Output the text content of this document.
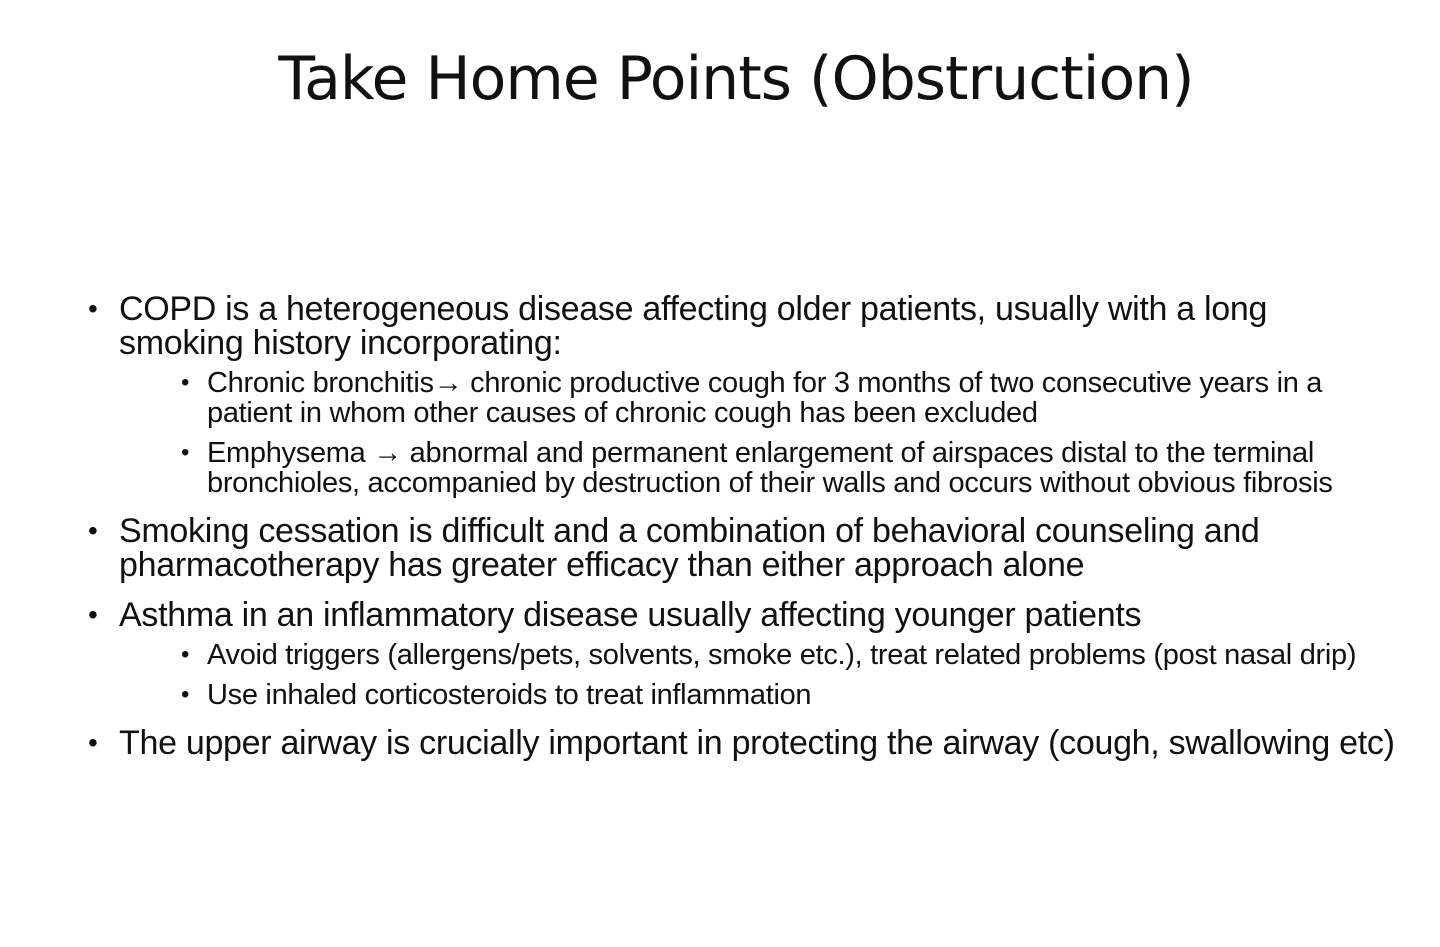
Take Home Points (Obstruction)
• COPD is a heterogeneous disease affecting older patients, usually with a long smoking history incorporating:
• Chronic bronchitis→ chronic productive cough for 3 months of two consecutive years in a patient in whom other causes of chronic cough has been excluded
• Emphysema → abnormal and permanent enlargement of airspaces distal to the terminal bronchioles, accompanied by destruction of their walls and occurs without obvious fibrosis
• Smoking cessation is difficult and a combination of behavioral counseling and pharmacotherapy has greater efficacy than either approach alone
• Asthma in an inflammatory disease usually affecting younger patients
• Avoid triggers (allergens/pets, solvents, smoke etc.), treat related problems (post nasal drip)
• Use inhaled corticosteroids to treat inflammation
• The upper airway is crucially important in protecting the airway (cough, swallowing etc)
